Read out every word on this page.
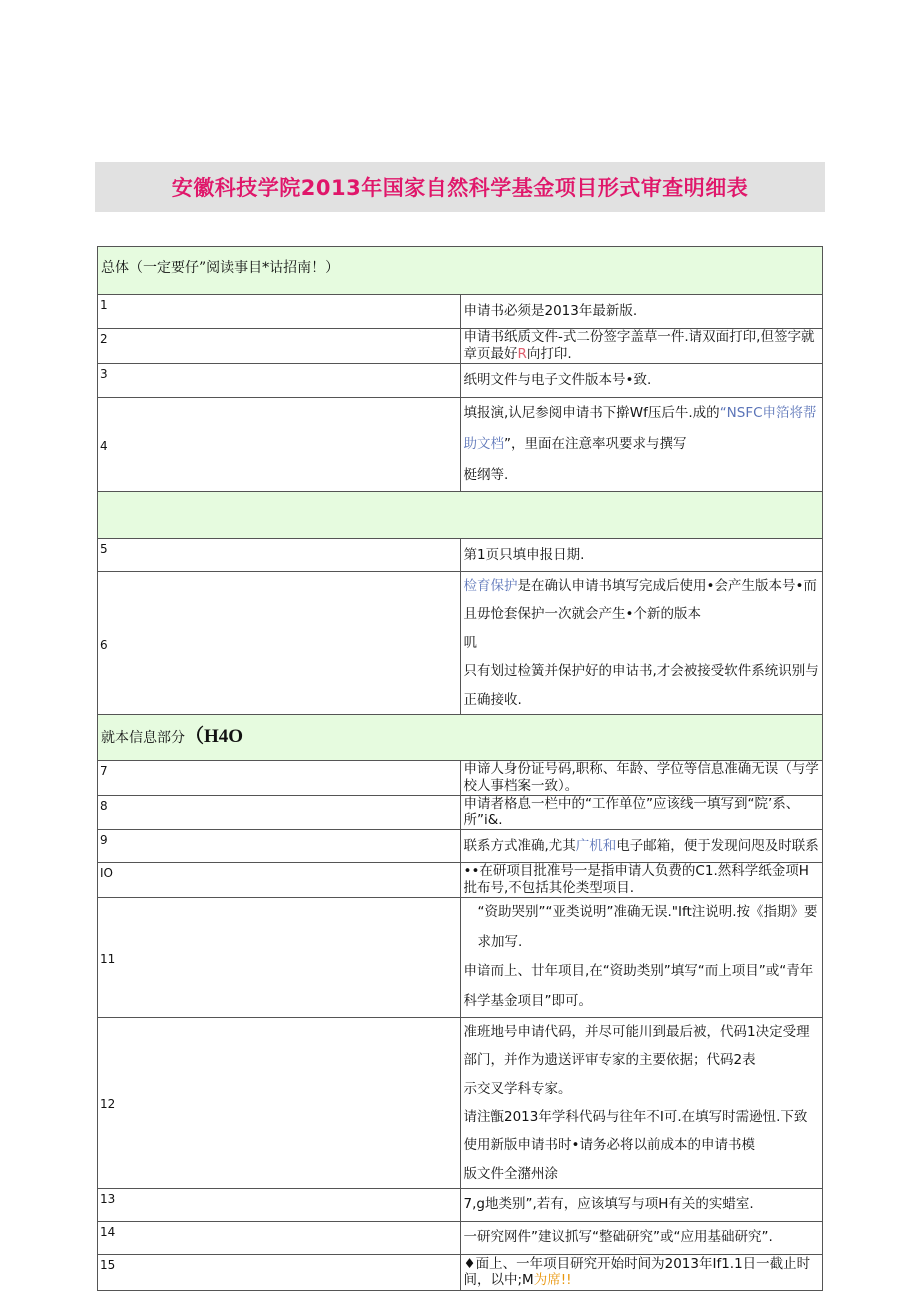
安徽科技学院2013年国家自然科学基金项目形式审查明细表
总体（一定要仔”阅读事目*诂招南！）	

1	申请书必须是2013年最新版.

2	申请书纸质文件-式二份签字盖草一件.请双面打印,但签字就章页最好R向打印.

3	纸明文件与电子文件版本号•致.

4	填报演,认尼参阅申请书下擀Wf压后牛.成的“NSFC申箔将帮助文档”，里面在注意率巩要求与撰写
梃纲等.

5	第1页只填申报日期.

6	检育保护是在确认申请书填写完成后使用•会产生版本号•而且毋怆套保护一次就会产生•个新的版本
叽
只有划过检簧并保护好的申诂书,才会被接受软件系统识别与正确接收.

就本信息部分（H4O	

7	申谛人身份证号码,职称、年龄、学位等信息准确无误（与学校人事档案一致）。

8	申请者格息一栏中的“工作单位”应该线一填写到“院’系、所”i&.

9	联系方式准确,尤其广机和电子邮箱，便于发现问咫及时联系

IO	••在研项目批准号一是指申请人负费的C1.然科学纸金项H批布号,不包括其伦类型项目.

11	“资助哭别”“亚类说明”准确无误."Ift注说明.按《指期》要求加写.
申谙而上、廿年项目,在“资助类别”填写“而上项目”或“青年科学基金项目”即可。

12	准班地号申请代码，并尽可能川到最后被，代码1决定受理部门，并作为遗送评审专家的主要依据；代码2表
示交叉学科专家。
请注甑2013年学科代码与往年不I可.在填写时需逊忸.下致使用新版申请书时•请务必将以前成本的申请书模
版文件全潴州涂

13	7,g地类别”,若有，应该填写与项H有关的实蜡室.

14	一研究网件”建议抓写“整础研究”或“应用基础研究”.

15	♦面上、一年项目研究开始时间为2013年If1.1日一截止时间，以中;M为席!!
